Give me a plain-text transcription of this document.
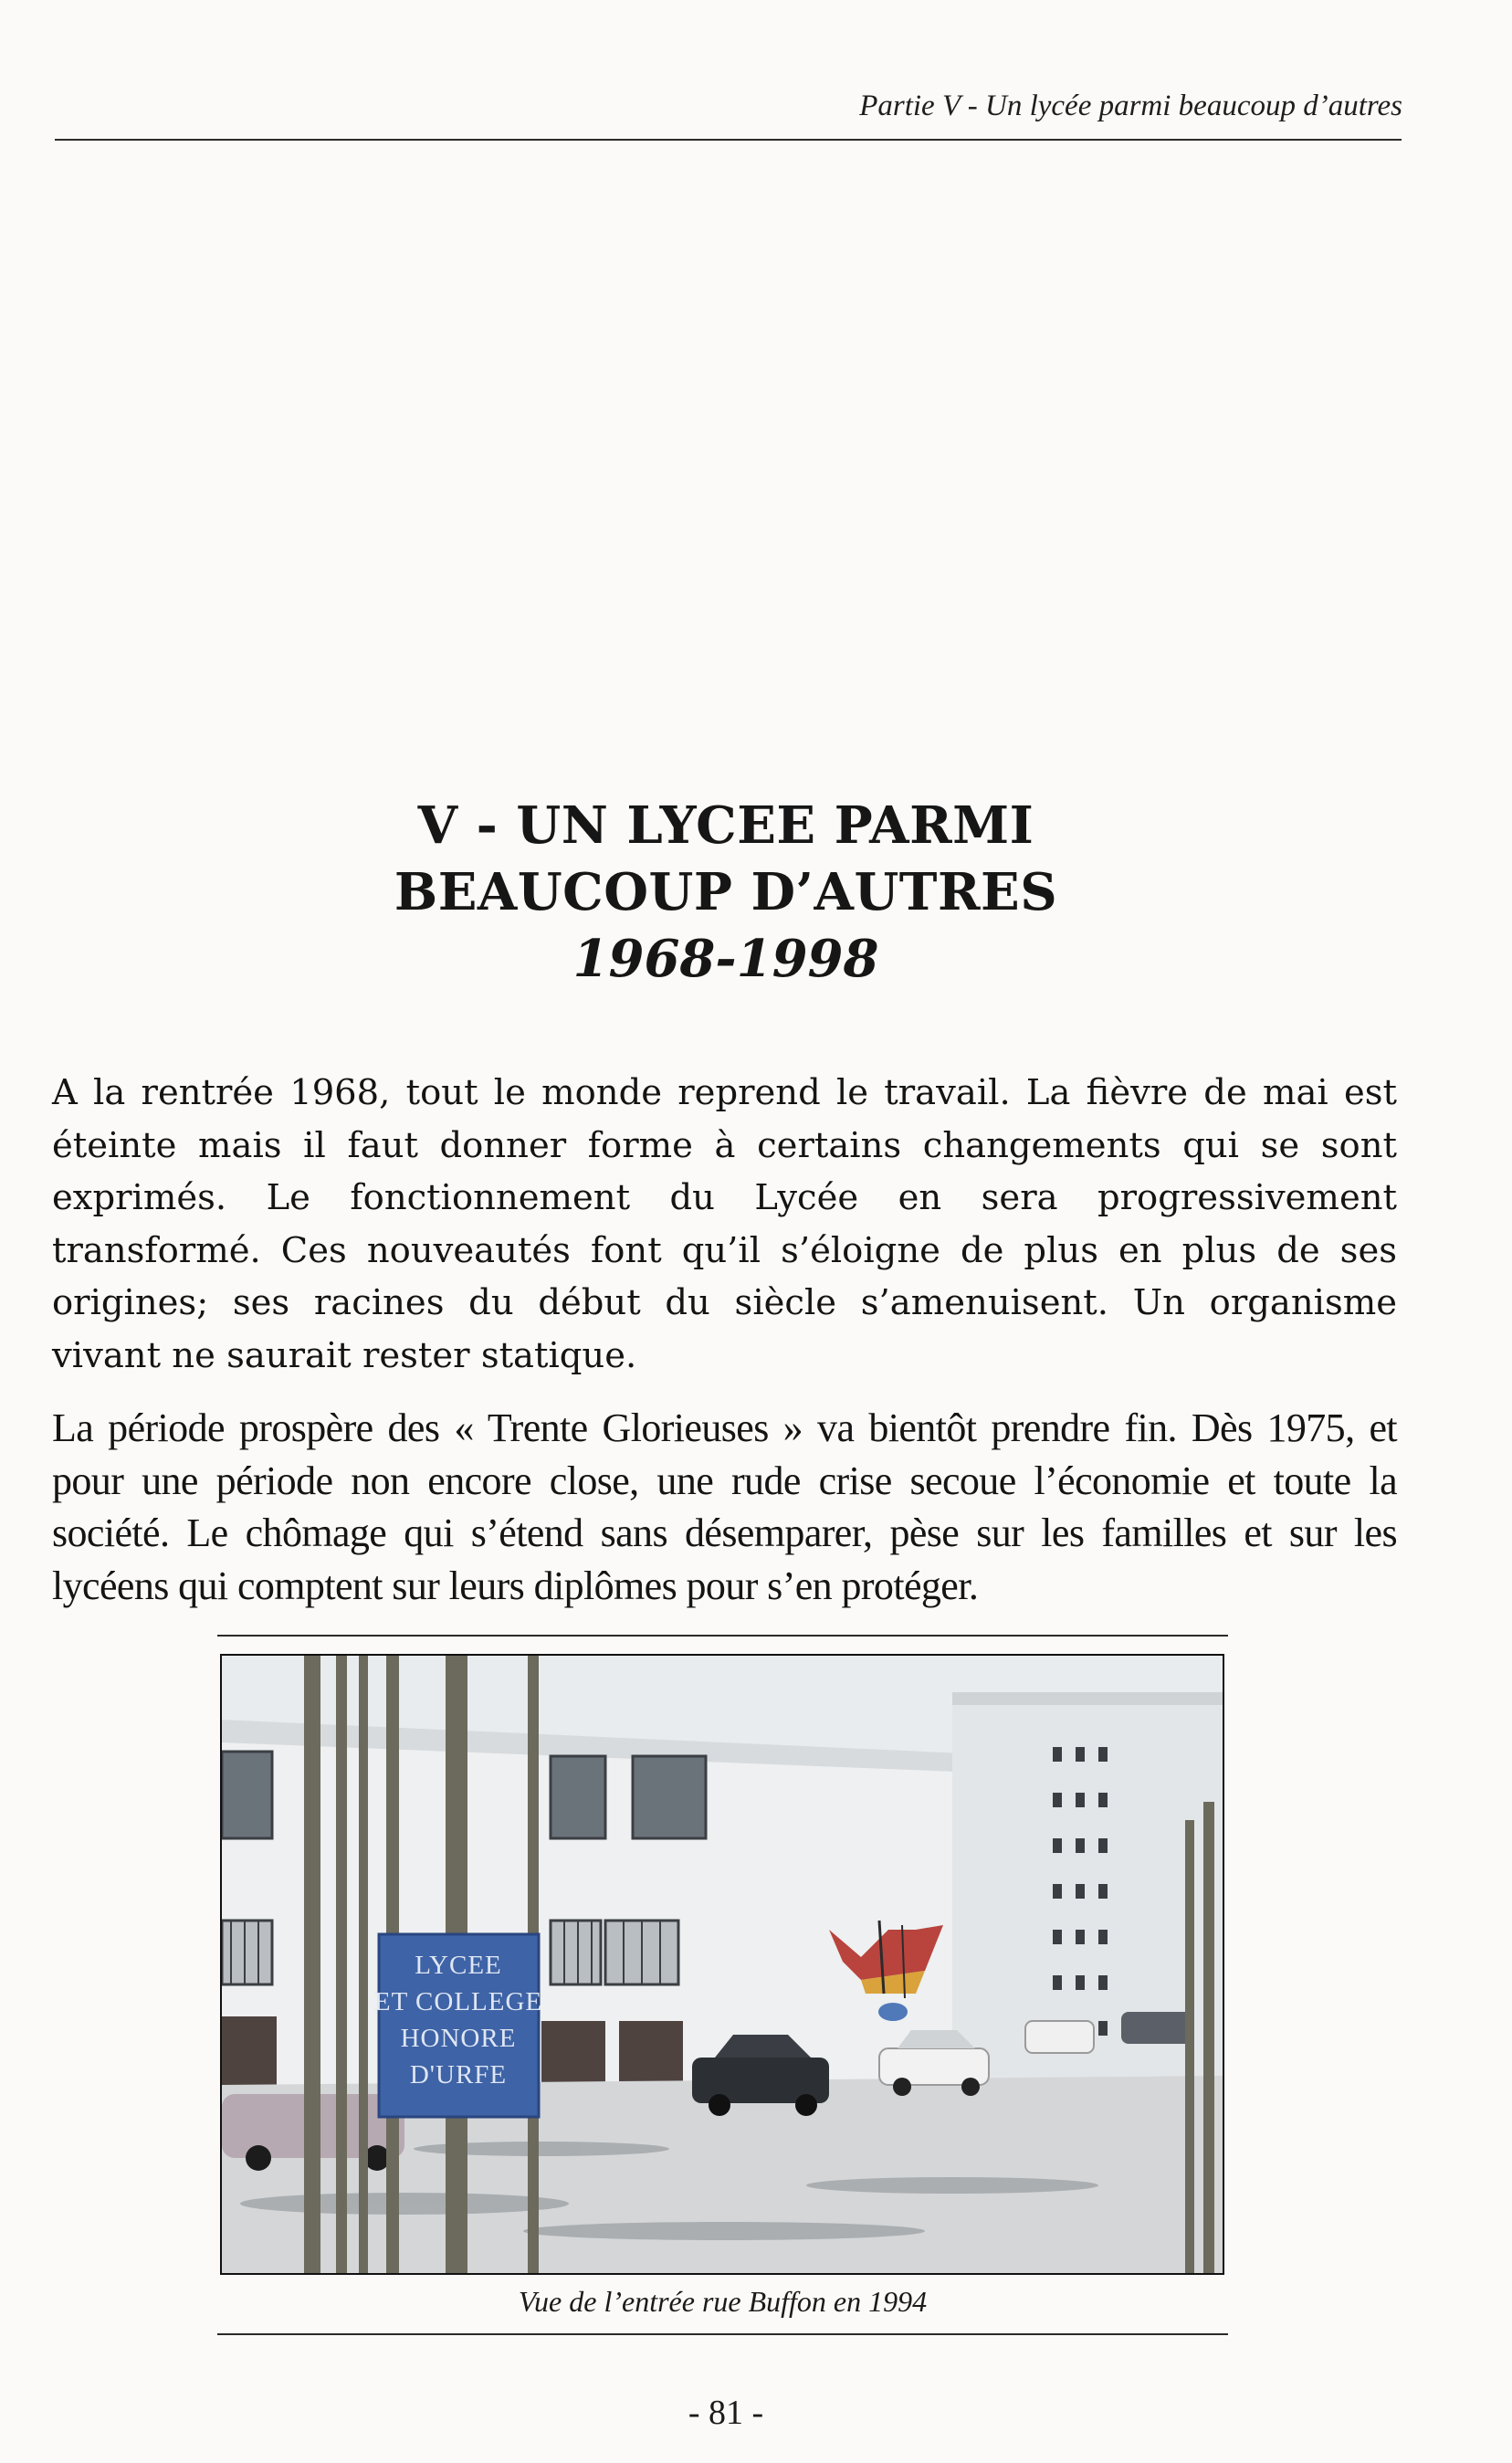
Partie V - Un lycée parmi beaucoup d’autres
V - UN LYCEE PARMI
BEAUCOUP D’AUTRES
1968-1998

A la rentrée 1968, tout le monde reprend le travail. La fièvre de mai est éteinte mais il faut donner forme à certains changements qui se sont exprimés. Le fonctionnement du Lycée en sera progressivement transformé. Ces nouveautés font qu’il s’éloigne de plus en plus de ses origines; ses racines du début du siècle s’amenuisent. Un organisme vivant ne saurait rester statique.

La période prospère des « Trente Glorieuses » va bientôt prendre fin. Dès 1975, et pour une période non encore close, une rude crise secoue l’économie et toute la société. Le chômage qui s’étend sans désemparer, pèse sur les familles et sur les lycéens qui comptent sur leurs diplômes pour s’en protéger.

LYCEE
ET COLLEGE
HONORE
D'URFE
Vue de l’entrée rue Buffon en 1994
- 81 -
